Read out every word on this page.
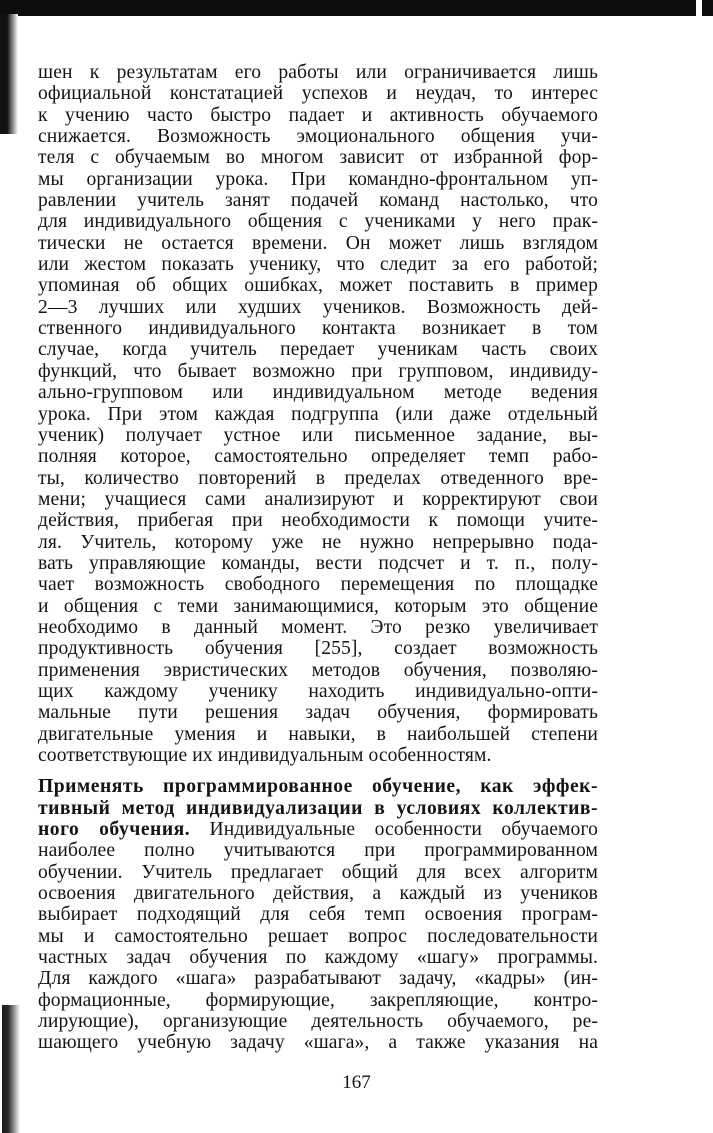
шен к результатам его работы или ограничивается лишь
официальной констатацией успехов и неудач, то интерес
к учению часто быстро падает и активность обучаемого
снижается. Возможность эмоционального общения учи-
теля с обучаемым во многом зависит от избранной фор-
мы организации урока. При командно-фронтальном уп-
равлении учитель занят подачей команд настолько, что
для индивидуального общения с учениками у него прак-
тически не остается времени. Он может лишь взглядом
или жестом показать ученику, что следит за его работой;
упоминая об общих ошибках, может поставить в пример
2—3 лучших или худших учеников. Возможность дей-
ственного индивидуального контакта возникает в том
случае, когда учитель передает ученикам часть своих
функций, что бывает возможно при групповом, индивиду-
ально-групповом или индивидуальном методе ведения
урока. При этом каждая подгруппа (или даже отдельный
ученик) получает устное или письменное задание, вы-
полняя которое, самостоятельно определяет темп рабо-
ты, количество повторений в пределах отведенного вре-
мени; учащиеся сами анализируют и корректируют свои
действия, прибегая при необходимости к помощи учите-
ля. Учитель, которому уже не нужно непрерывно пода-
вать управляющие команды, вести подсчет и т. п., полу-
чает возможность свободного перемещения по площадке
и общения с теми занимающимися, которым это общение
необходимо в данный момент. Это резко увеличивает
продуктивность обучения [255], создает возможность
применения эвристических методов обучения, позволяю-
щих каждому ученику находить индивидуально-опти-
мальные пути решения задач обучения, формировать
двигательные умения и навыки, в наибольшей степени
соответствующие их индивидуальным особенностям.
Применять программированное обучение, как эффек-
тивный метод индивидуализации в условиях коллектив-
ного обучения. Индивидуальные особенности обучаемого
наиболее полно учитываются при программированном
обучении. Учитель предлагает общий для всех алгоритм
освоения двигательного действия, а каждый из учеников
выбирает подходящий для себя темп освоения програм-
мы и самостоятельно решает вопрос последовательности
частных задач обучения по каждому «шагу» программы.
Для каждого «шага» разрабатывают задачу, «кадры» (ин-
формационные, формирующие, закрепляющие, контро-
лирующие), организующие деятельность обучаемого, ре-
шающего учебную задачу «шага», а также указания на
167
